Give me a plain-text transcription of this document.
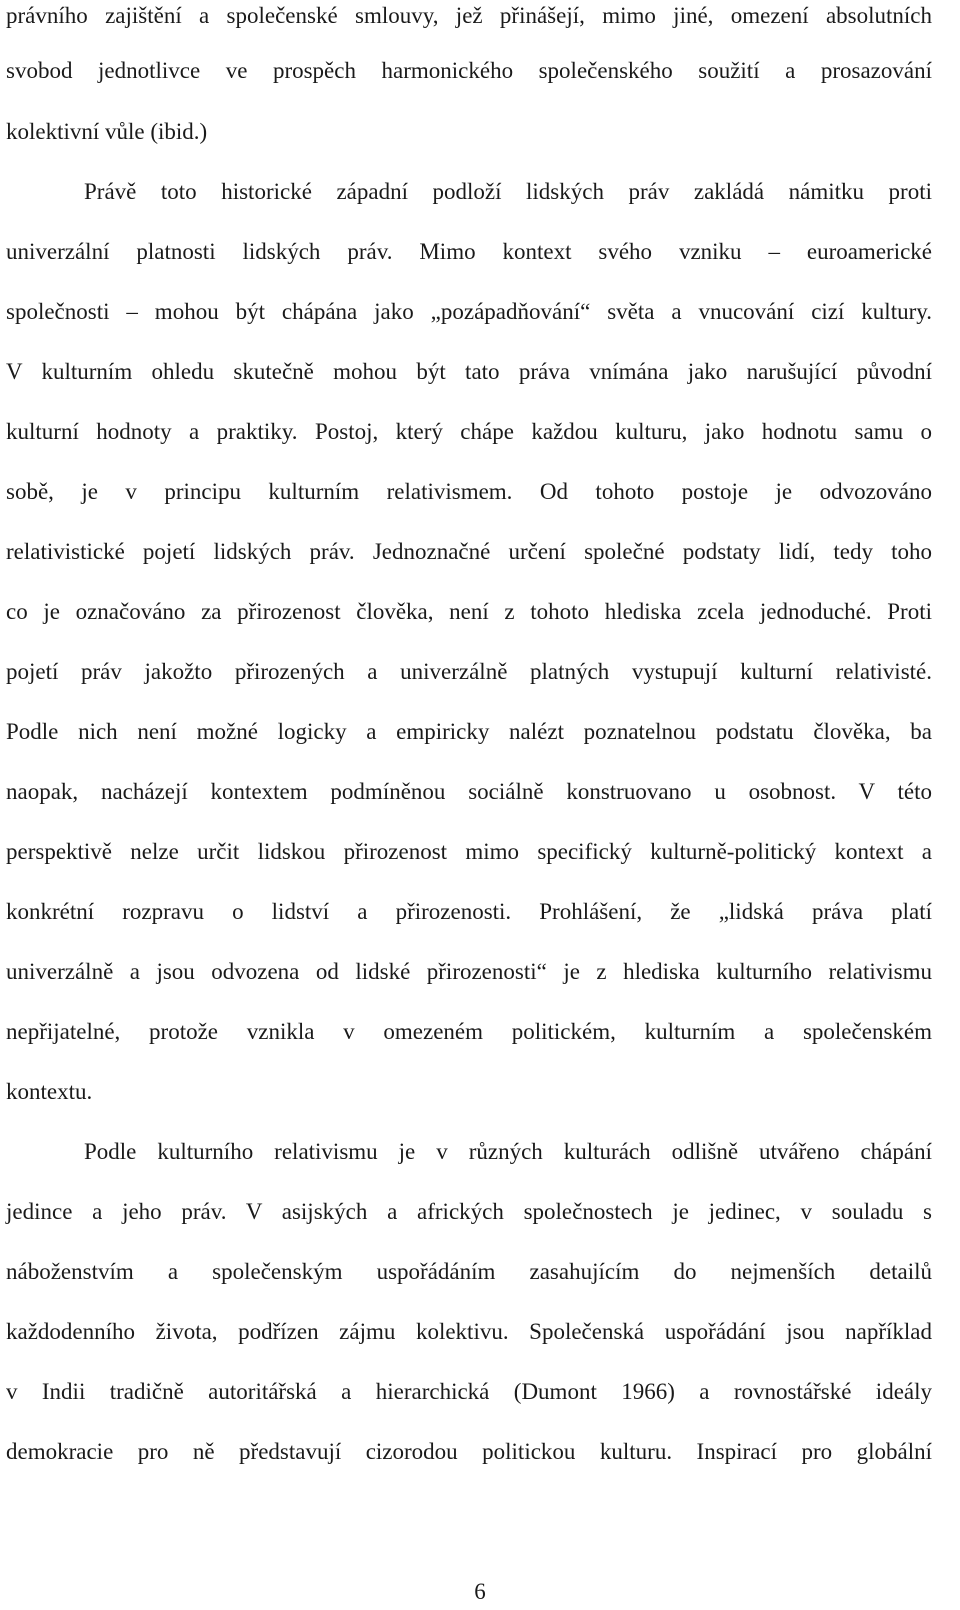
právního zajištění a společenské smlouvy, jež přinášejí, mimo jiné, omezení absolutních
svobod jednotlivce ve prospěch harmonického společenského soužití a prosazování
kolektivní vůle (ibid.)
Právě toto historické západní podloží lidských práv zakládá námitku proti
univerzální platnosti lidských práv. Mimo kontext svého vzniku – euroamerické
společnosti – mohou být chápána jako „pozápadňování“ světa a vnucování cizí kultury.
V kulturním ohledu skutečně mohou být tato práva vnímána jako narušující původní
kulturní hodnoty a praktiky. Postoj, který chápe každou kulturu, jako hodnotu samu o
sobě, je v principu kulturním relativismem. Od tohoto postoje je odvozováno
relativistické pojetí lidských práv. Jednoznačné určení společné podstaty lidí, tedy toho
co je označováno za přirozenost člověka, není z tohoto hlediska zcela jednoduché. Proti
pojetí práv jakožto přirozených a univerzálně platných vystupují kulturní relativisté.
Podle nich není možné logicky a empiricky nalézt poznatelnou podstatu člověka, ba
naopak, nacházejí kontextem podmíněnou sociálně konstruovano u osobnost. V této
perspektivě nelze určit lidskou přirozenost mimo specifický kulturně-politický kontext a
konkrétní rozpravu o lidství a přirozenosti. Prohlášení, že „lidská práva platí
univerzálně a jsou odvozena od lidské přirozenosti“ je z hlediska kulturního relativismu
nepřijatelné, protože vznikla v omezeném politickém, kulturním a společenském
kontextu.
Podle kulturního relativismu je v různých kulturách odlišně utvářeno chápání
jedince a jeho práv. V asijských a afrických společnostech je jedinec, v souladu s
náboženstvím a společenským uspořádáním zasahujícím do nejmenších detailů
každodenního života, podřízen zájmu kolektivu. Společenská uspořádání jsou například
v Indii tradičně autoritářská a hierarchická (Dumont 1966) a rovnostářské ideály
demokracie pro ně představují cizorodou politickou kulturu. Inspirací pro globální
6
